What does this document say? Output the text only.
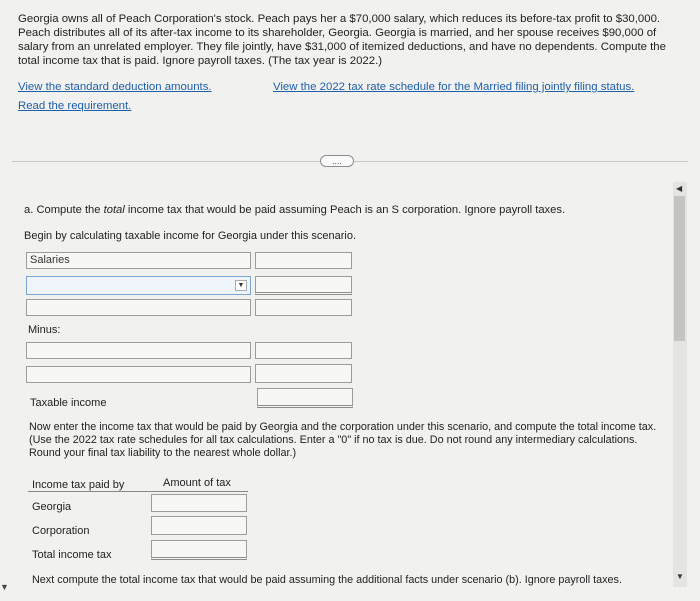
Georgia owns all of Peach Corporation's stock. Peach pays her a $70,000 salary, which reduces its before-tax profit to $30,000. Peach distributes all of its after-tax income to its shareholder, Georgia. Georgia is married, and her spouse receives $90,000 of salary from an unrelated employer. They file jointly, have $31,000 of itemized deductions, and have no dependents. Compute the total income tax that is paid. Ignore payroll taxes. (The tax year is 2022.)
View the standard deduction amounts.	View the 2022 tax rate schedule for the Married filing jointly filing status.
Read the requirement.
....
a. Compute the total income tax that would be paid assuming Peach is an S corporation. Ignore payroll taxes.
Begin by calculating taxable income for Georgia under this scenario.
Salaries
▼
Minus:
Taxable income
Now enter the income tax that would be paid by Georgia and the corporation under this scenario, and compute the total income tax. (Use the 2022 tax rate schedules for all tax calculations. Enter a "0" if no tax is due. Do not round any intermediary calculations. Round your final tax liability to the nearest whole dollar.)
Income tax paid by	Amount of tax
Georgia
Corporation
Total income tax
Next compute the total income tax that would be paid assuming the additional facts under scenario (b). Ignore payroll taxes.
◀
▼
▼
